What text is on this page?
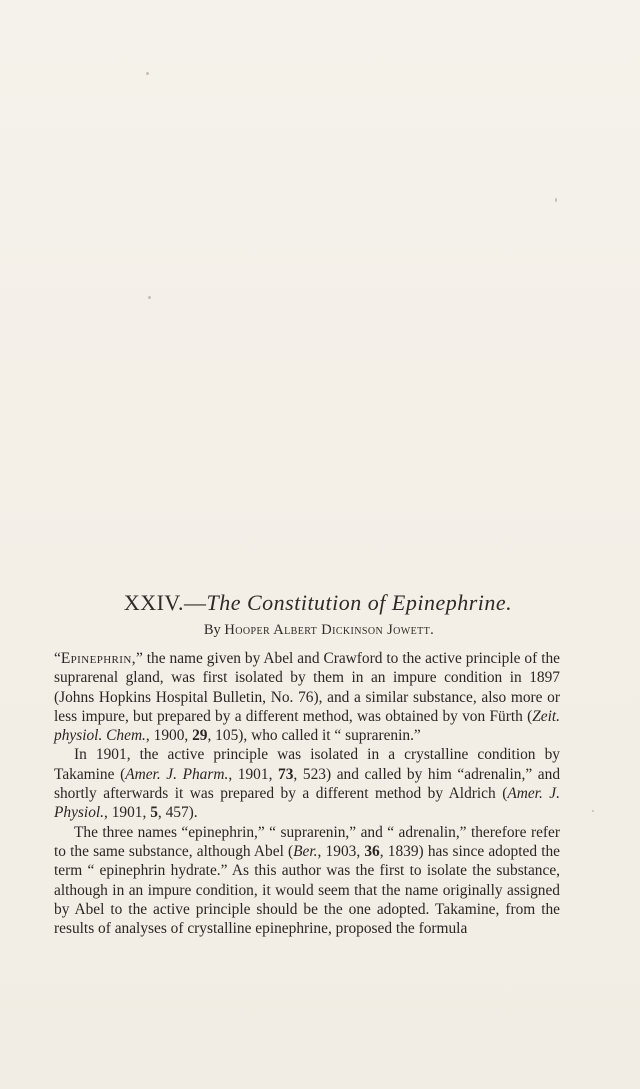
XXIV.—The Constitution of Epinephrine.
By Hooper Albert Dickinson Jowett.

“Epinephrin,” the name given by Abel and Crawford to the active principle of the suprarenal gland, was first isolated by them in an impure condition in 1897 (Johns Hopkins Hospital Bulletin, No. 76), and a similar substance, also more or less impure, but prepared by a different method, was obtained by von Fürth (Zeit. physiol. Chem., 1900, 29, 105), who called it “ suprarenin.”

In 1901, the active principle was isolated in a crystalline condition by Takamine (Amer. J. Pharm., 1901, 73, 523) and called by him “adrenalin,” and shortly afterwards it was prepared by a different method by Aldrich (Amer. J. Physiol., 1901, 5, 457).

The three names “epinephrin,” “ suprarenin,” and “ adrenalin,” therefore refer to the same substance, although Abel (Ber., 1903, 36, 1839) has since adopted the term “ epinephrin hydrate.” As this author was the first to isolate the substance, although in an impure condition, it would seem that the name originally assigned by Abel to the active principle should be the one adopted. Takamine, from the results of analyses of crystalline epinephrine, proposed the formula
